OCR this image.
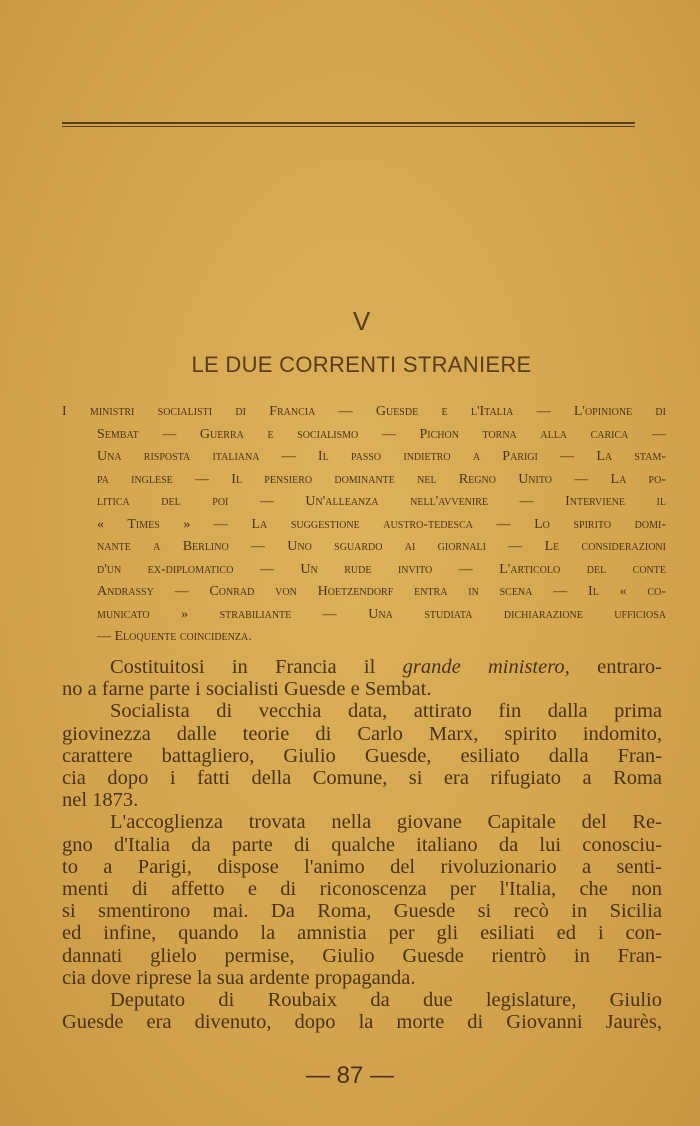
V
LE DUE CORRENTI STRANIERE
I ministri socialisti di Francia — Guesde e l'Italia — L'opinione di
Sembat — Guerra e socialismo — Pichon torna alla carica —
Una risposta italiana — Il passo indietro a Parigi — La stam-
pa inglese — Il pensiero dominante nel Regno Unito — La po-
litica del poi — Un'alleanza nell'avvenire — Interviene il
« Times » — La suggestione austro-tedesca — Lo spirito domi-
nante a Berlino — Uno sguardo ai giornali — Le considerazioni
d'un ex-diplomatico — Un rude invito — L'articolo del conte
Andrassy — Conrad von Hoetzendorf entra in scena — Il « co-
municato » strabiliante — Una studiata dichiarazione ufficiosa
— Eloquente coincidenza.
Costituitosi in Francia il grande ministero, entraro-
no a farne parte i socialisti Guesde e Sembat.
Socialista di vecchia data, attirato fin dalla prima
giovinezza dalle teorie di Carlo Marx, spirito indomito,
carattere battagliero, Giulio Guesde, esiliato dalla Fran-
cia dopo i fatti della Comune, si era rifugiato a Roma
nel 1873.
L'accoglienza trovata nella giovane Capitale del Re-
gno d'Italia da parte di qualche italiano da lui conosciu-
to a Parigi, dispose l'animo del rivoluzionario a senti-
menti di affetto e di riconoscenza per l'Italia, che non
si smentirono mai. Da Roma, Guesde si recò in Sicilia
ed infine, quando la amnistia per gli esiliati ed i con-
dannati glielo permise, Giulio Guesde rientrò in Fran-
cia dove riprese la sua ardente propaganda.
Deputato di Roubaix da due legislature, Giulio
Guesde era divenuto, dopo la morte di Giovanni Jaurès,
— 87 —
